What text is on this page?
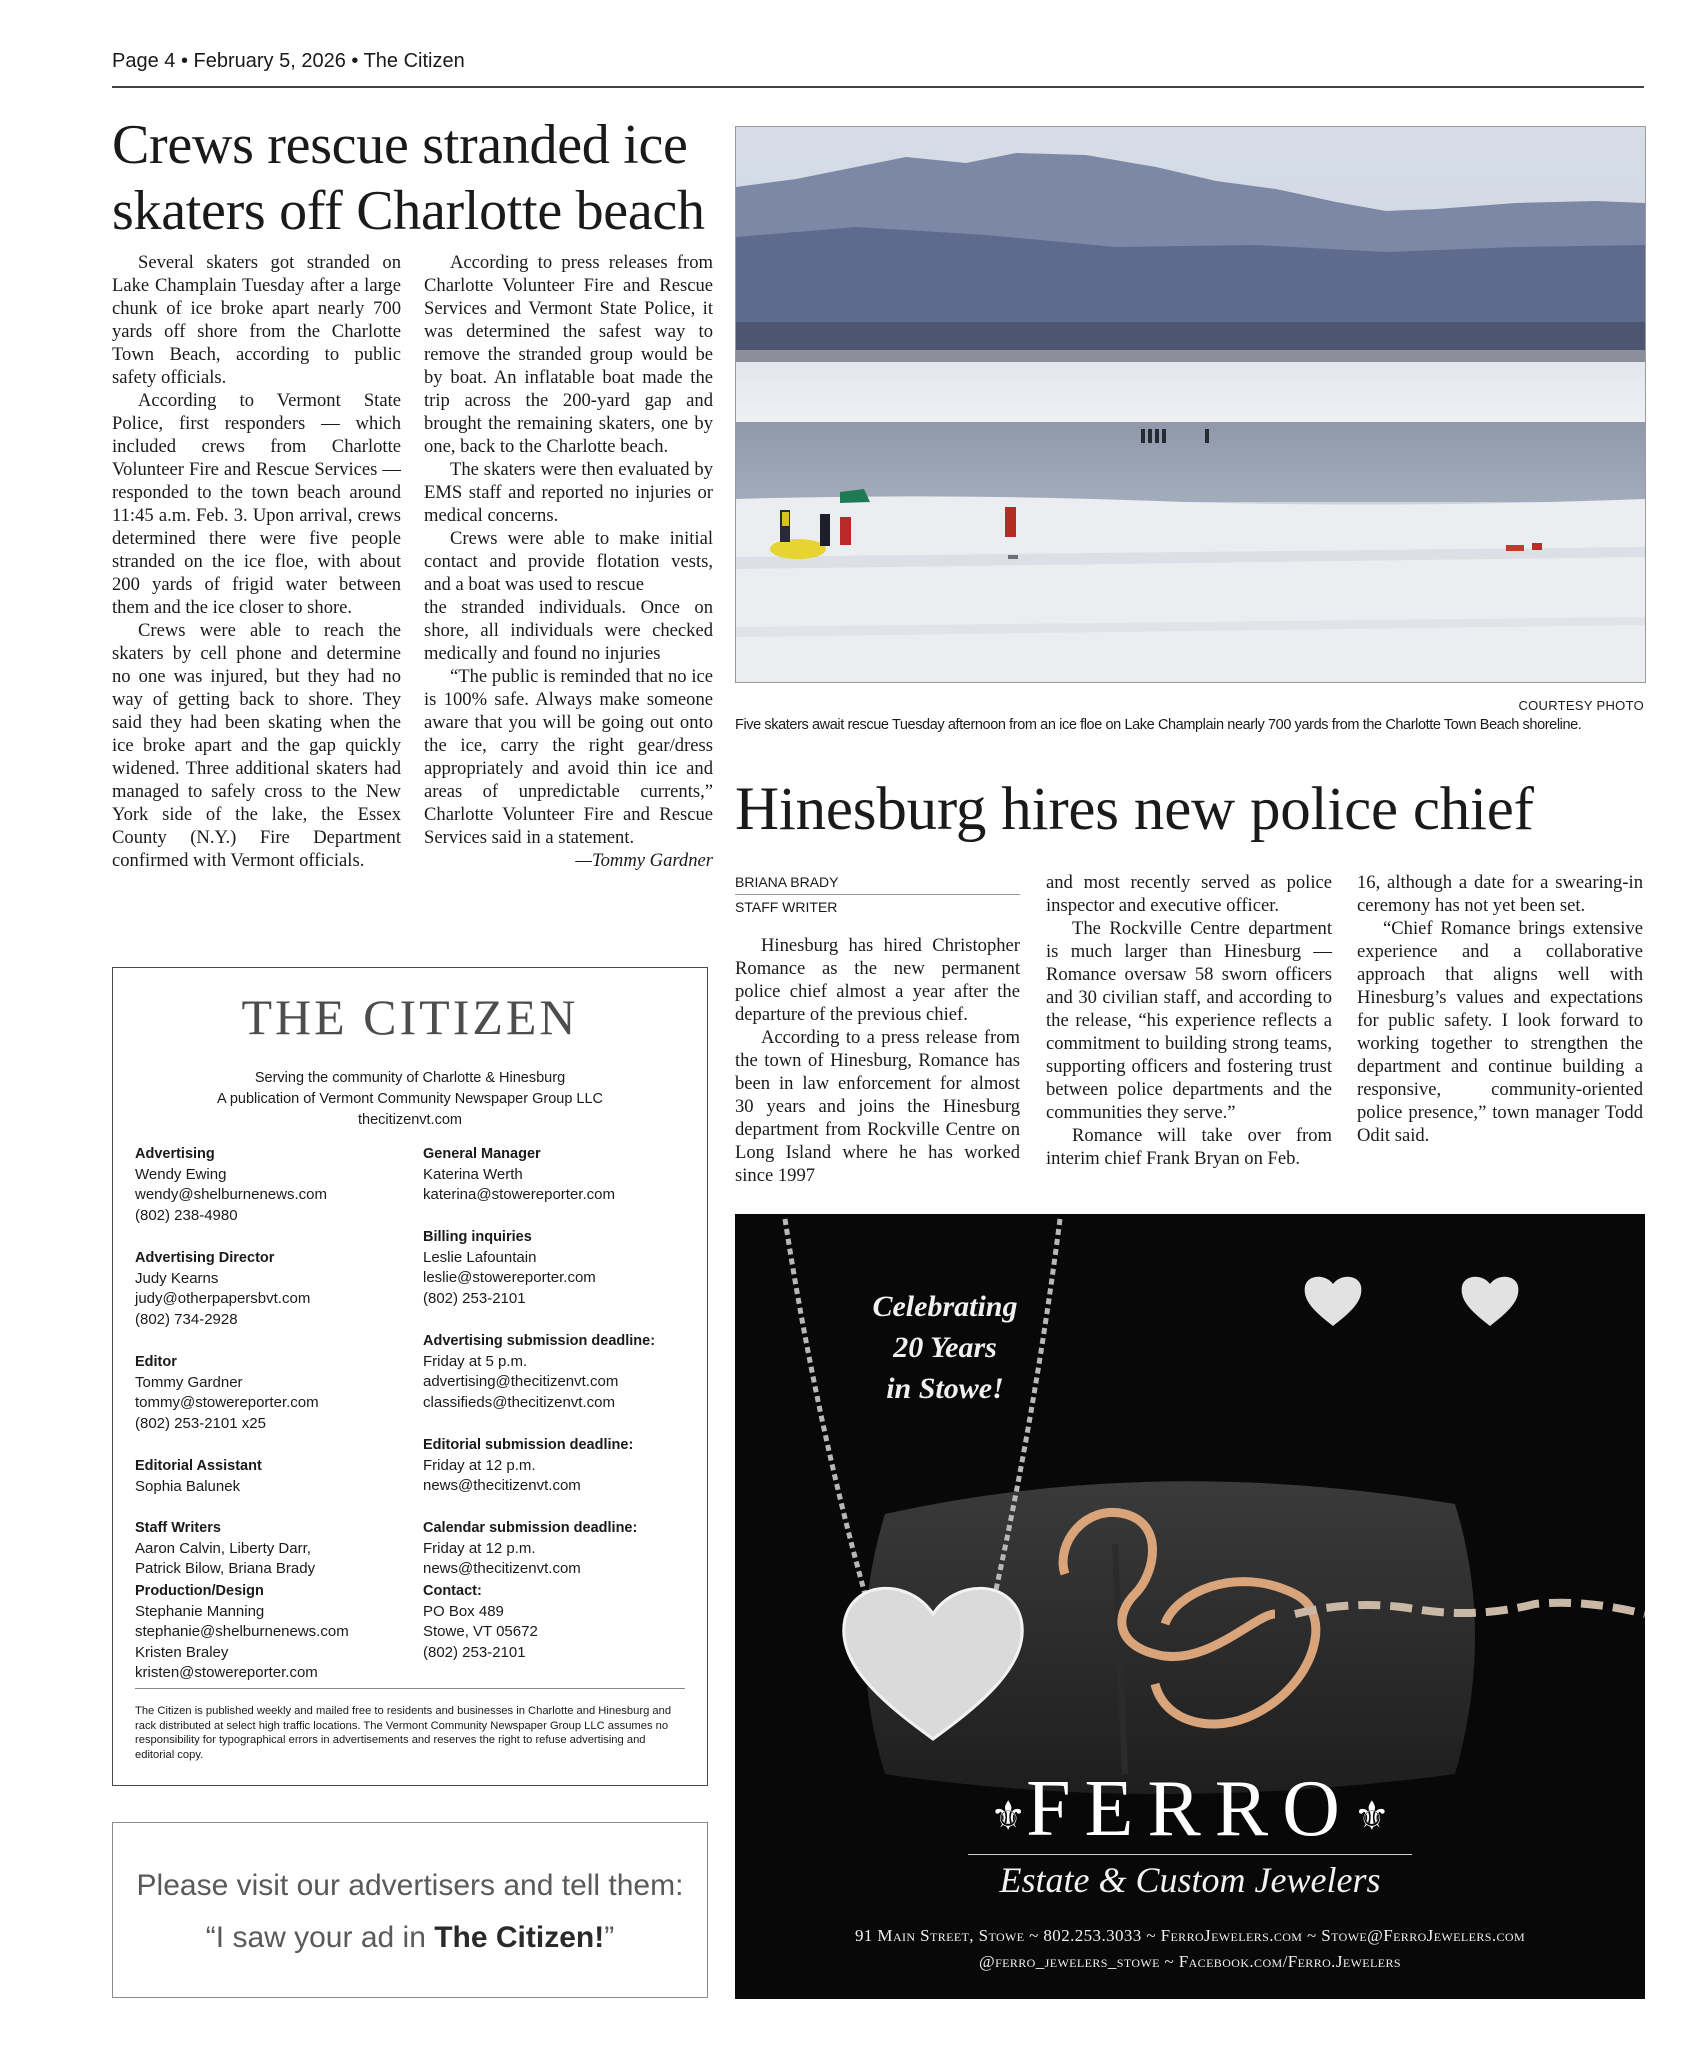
Page 4 • February 5, 2026 • The Citizen
Crews rescue stranded ice skaters off Charlotte beach

Several skaters got stranded on Lake Champlain Tuesday after a large chunk of ice broke apart nearly 700 yards off shore from the Charlotte Town Beach, according to public safety officials.

According to Vermont State Police, first responders — which included crews from Charlotte Volunteer Fire and Rescue Services — responded to the town beach around 11:45 a.m. Feb. 3. Upon arrival, crews determined there were five people stranded on the ice floe, with about 200 yards of frigid water between them and the ice closer to shore.

Crews were able to reach the skaters by cell phone and determine no one was injured, but they had no way of getting back to shore. They said they had been skating when the ice broke apart and the gap quickly widened. Three additional skaters had managed to safely cross to the New York side of the lake, the Essex County (N.Y.) Fire Department confirmed with Vermont officials.

According to press releases from Charlotte Volunteer Fire and Rescue Services and Vermont State Police, it was determined the safest way to remove the stranded group would be by boat. An inflatable boat made the trip across the 200-yard gap and brought the remaining skaters, one by one, back to the Charlotte beach.

The skaters were then evaluated by EMS staff and reported no injuries or medical concerns.

Crews were able to make initial contact and provide flotation vests, and a boat was used to rescue

the stranded individuals. Once on shore, all individuals were checked medically and found no injuries

“The public is reminded that no ice is 100% safe. Always make someone aware that you will be going out onto the ice, carry the right gear/dress appropriately and avoid thin ice and areas of unpredictable currents,” Charlotte Volunteer Fire and Rescue Services said in a statement.

—Tommy Gardner

COURTESY PHOTO
Five skaters await rescue Tuesday afternoon from an ice floe on Lake Champlain nearly 700 yards from the Charlotte Town Beach shoreline.
Hinesburg hires new police chief
BRIANA BRADY
STAFF WRITER

Hinesburg has hired Christopher Romance as the new permanent police chief almost a year after the departure of the previous chief.

According to a press release from the town of Hinesburg, Romance has been in law enforcement for almost 30 years and joins the Hinesburg department from Rockville Centre on Long Island where he has worked since 1997

and most recently served as police inspector and executive officer.

The Rockville Centre department is much larger than Hinesburg — Romance oversaw 58 sworn officers and 30 civilian staff, and according to the release, “his experience reflects a commitment to building strong teams, supporting officers and fostering trust between police departments and the communities they serve.”

Romance will take over from interim chief Frank Bryan on Feb.

16, although a date for a swearing-in ceremony has not yet been set.

“Chief Romance brings extensive experience and a collaborative approach that aligns well with Hinesburg’s values and expectations for public safety. I look forward to working together to strengthen the department and continue building a responsive, community-oriented police presence,” town manager Todd Odit said.

THE CITIZEN
Serving the community of Charlotte & Hinesburg
A publication of Vermont Community Newspaper Group LLC
thecitizenvt.com
Advertising
Wendy Ewing
wendy@shelburnenews.com
(802) 238-4980
Advertising Director
Judy Kearns
judy@otherpapersbvt.com
(802) 734-2928
Editor
Tommy Gardner
tommy@stowereporter.com
(802) 253-2101 x25
Editorial Assistant
Sophia Balunek
Staff Writers
Aaron Calvin, Liberty Darr,
Patrick Bilow, Briana Brady
Production/Design
Stephanie Manning
stephanie@shelburnenews.com
Kristen Braley
kristen@stowereporter.com
General Manager
Katerina Werth
katerina@stowereporter.com
Billing inquiries
Leslie Lafountain
leslie@stowereporter.com
(802) 253-2101
Advertising submission deadline:
Friday at 5 p.m.
advertising@thecitizenvt.com
classifieds@thecitizenvt.com
Editorial submission deadline:
Friday at 12 p.m.
news@thecitizenvt.com
Calendar submission deadline:
Friday at 12 p.m.
news@thecitizenvt.com
Contact:
PO Box 489
Stowe, VT 05672
(802) 253-2101
The Citizen is published weekly and mailed free to residents and businesses in Charlotte and Hinesburg and rack distributed at select high traffic locations. The Vermont Community Newspaper Group LLC assumes no responsibility for typographical errors in advertisements and reserves the right to refuse advertising and editorial copy.
Please visit our advertisers and tell them:
“I saw your ad in The Citizen!”
Celebrating
20 Years
in Stowe!
⚜FERRO⚜
Estate & Custom Jewelers
91 Main Street, Stowe ~ 802.253.3033 ~ FerroJewelers.com ~ Stowe@FerroJewelers.com
@ferro_jewelers_stowe ~ Facebook.com/Ferro.Jewelers
